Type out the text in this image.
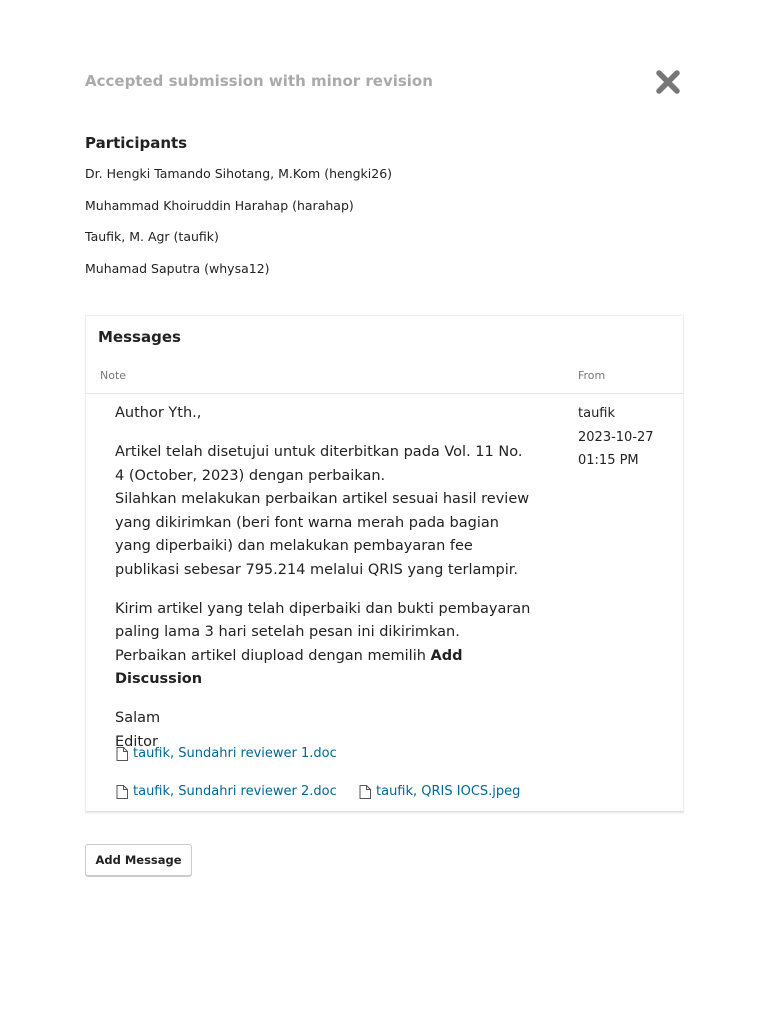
Accepted submission with minor revision
Participants
Dr. Hengki Tamando Sihotang, M.Kom (hengki26)
Muhammad Khoiruddin Harahap (harahap)
Taufik, M. Agr (taufik)
Muhamad Saputra (whysa12)
Messages
Note	From

Author Yth.,

Artikel telah disetujui untuk diterbitkan pada Vol. 11 No. 4 (October, 2023) dengan perbaikan.
Silahkan melakukan perbaikan artikel sesuai hasil review yang dikirimkan (beri font warna merah pada bagian yang diperbaiki) dan melakukan pembayaran fee publikasi sebesar 795.214 melalui QRIS yang terlampir.

Kirim artikel yang telah diperbaiki dan bukti pembayaran paling lama 3 hari setelah pesan ini dikirimkan. Perbaikan artikel diupload dengan memilih Add Discussion

Salam
Editor

taufik
2023-10-27
01:15 PM
taufik, Sundahri reviewer 1.doc
taufik, Sundahri reviewer 2.doc	taufik, QRIS IOCS.jpeg
Add Message
